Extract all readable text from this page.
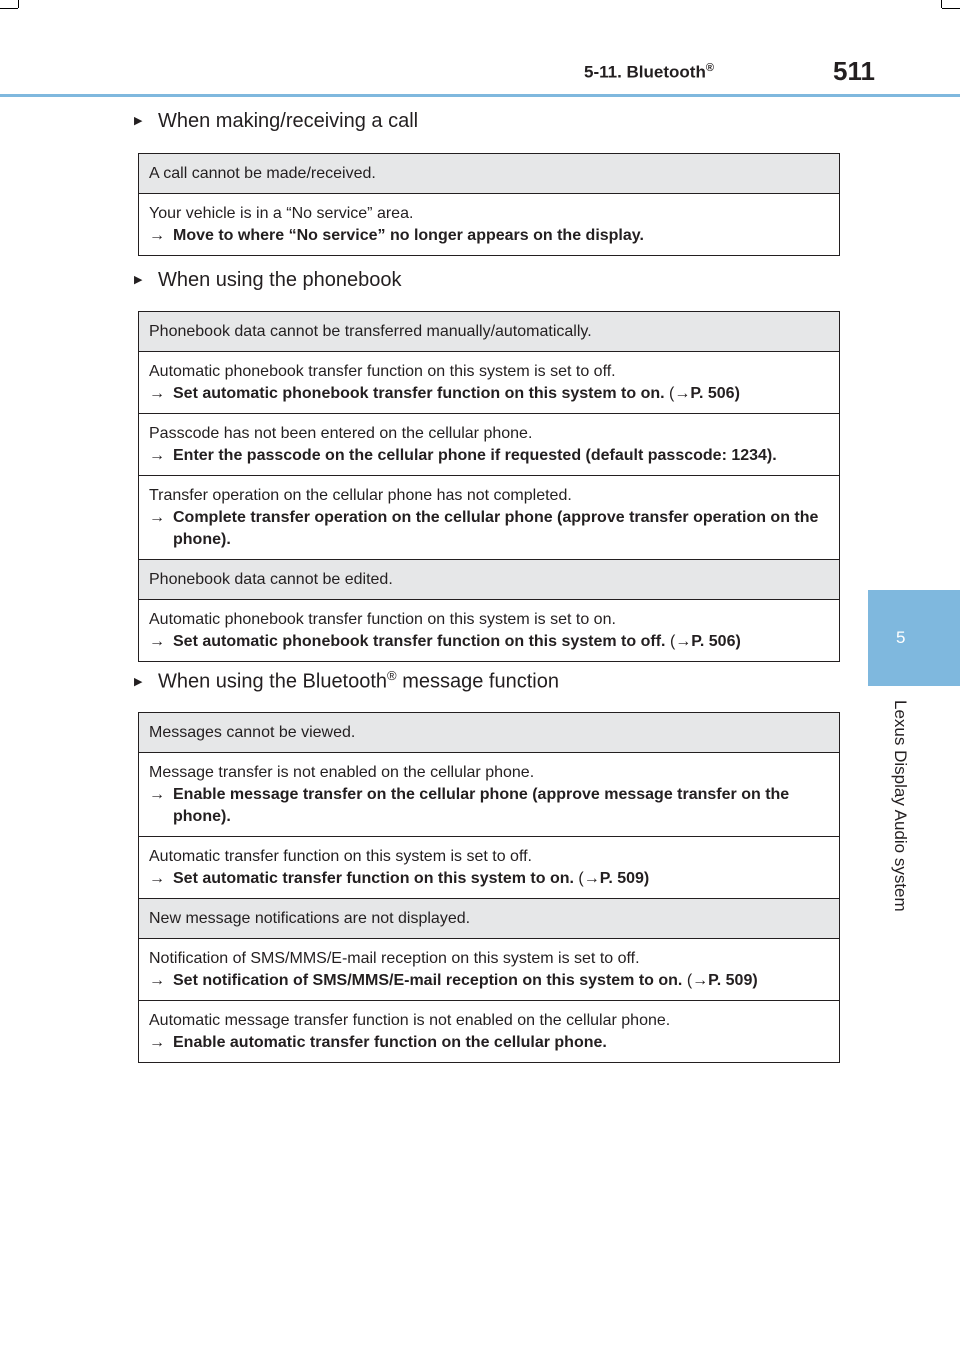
5-11. Bluetooth®	511
5
Lexus Display Audio system
▶ When making/receiving a call
A call cannot be made/received.
Your vehicle is in a “No service” area.
→ Move to where “No service” no longer appears on the display.
▶ When using the phonebook
Phonebook data cannot be transferred manually/automatically.
Automatic phonebook transfer function on this system is set to off.
→ Set automatic phonebook transfer function on this system to on. (→P. 506)
Passcode has not been entered on the cellular phone.
→ Enter the passcode on the cellular phone if requested (default passcode: 1234).
Transfer operation on the cellular phone has not completed.
→ Complete transfer operation on the cellular phone (approve transfer operation on the phone).
Phonebook data cannot be edited.
Automatic phonebook transfer function on this system is set to on.
→ Set automatic phonebook transfer function on this system to off. (→P. 506)
▶ When using the Bluetooth® message function
Messages cannot be viewed.
Message transfer is not enabled on the cellular phone.
→ Enable message transfer on the cellular phone (approve message transfer on the phone).
Automatic transfer function on this system is set to off.
→ Set automatic transfer function on this system to on. (→P. 509)
New message notifications are not displayed.
Notification of SMS/MMS/E-mail reception on this system is set to off.
→ Set notification of SMS/MMS/E-mail reception on this system to on. (→P. 509)
Automatic message transfer function is not enabled on the cellular phone.
→ Enable automatic transfer function on the cellular phone.
